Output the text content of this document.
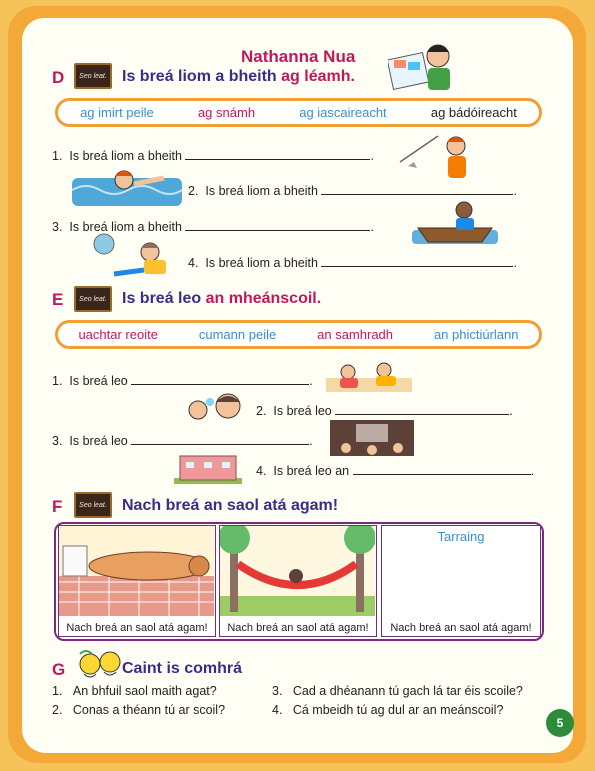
Nathanna Nua
D	Seo leat. Is breá liom a bheith ag léamh.
ag imirt peile	ag snámh	ag iascaireacht	ag bádóireacht
1. Is breá liom a bheith	.
2. Is breá liom a bheith	.
3. Is breá liom a bheith	.
4. Is breá liom a bheith	.
E	Seo leat. Is breá leo an mheánscoil.
uachtar reoite	cumann peile	an samhradh	an phictiúrlann
1. Is breá leo	.
2. Is breá leo	.
3. Is breá leo	.
4. Is breá leo an	.
F	Seo leat. Nach breá an saol atá agam!
Tarraing
Nach breá an saol atá agam!	Nach breá an saol atá agam!	Nach breá an saol atá agam!
G	Caint is comhrá
1. An bhfuil saol maith agat?	3. Cad a dhéanann tú gach lá tar éis scoile?
2. Conas a théann tú ar scoil?	4. Cá mbeidh tú ag dul ar an meánscoil?
5
